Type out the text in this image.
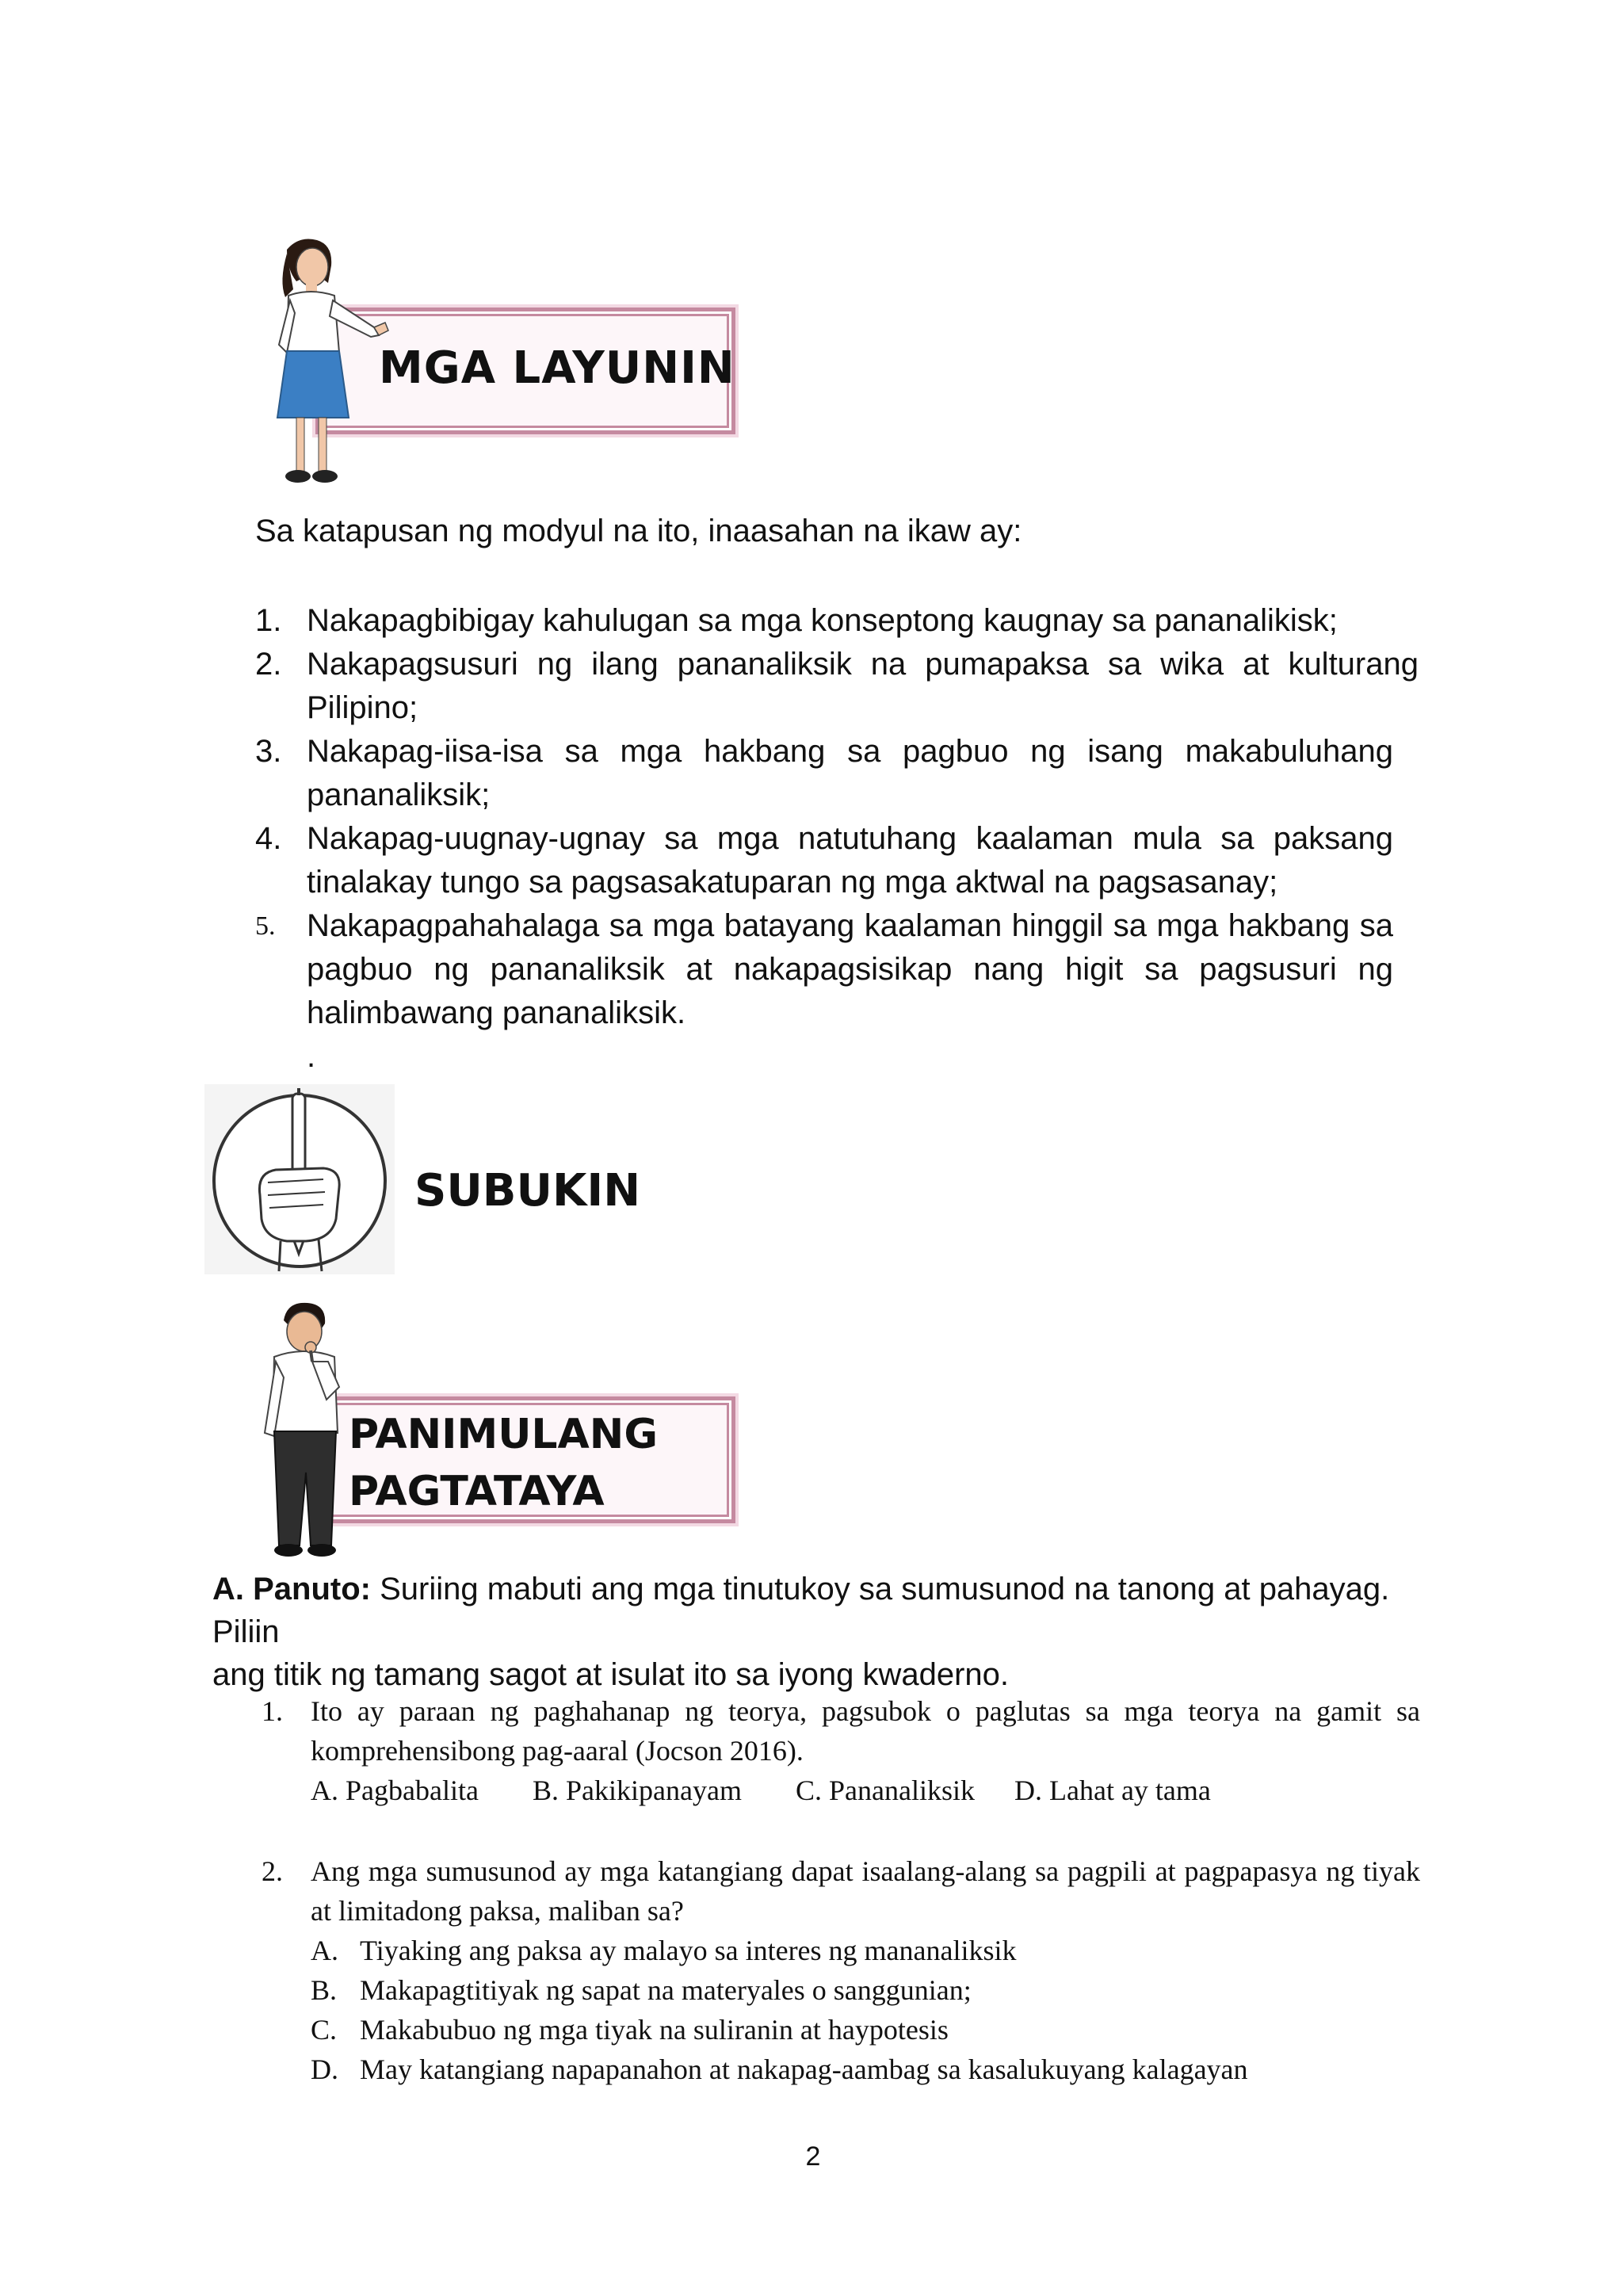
MGA LAYUNIN
Sa katapusan ng modyul na ito, inaasahan na ikaw ay:
1. Nakapagbibigay kahulugan sa mga konseptong kaugnay sa pananalikisk;
2. Nakapagsusuri ng ilang pananaliksik na pumapaksa sa wika at kulturang Pilipino;
3. Nakapag-iisa-isa sa mga hakbang sa pagbuo ng isang makabuluhang pananaliksik;
4. Nakapag-uugnay-ugnay sa mga natutuhang kaalaman mula sa paksang tinalakay tungo sa pagsasakatuparan ng mga aktwal na pagsasanay;
5. Nakapagpahahalaga sa mga batayang kaalaman hinggil sa mga hakbang sa pagbuo ng pananaliksik at nakapagsisikap nang higit sa pagsusuri ng halimbawang pananaliksik.
.
SUBUKIN
PANIMULANG
PAGTATAYA
A. Panuto: Suriing mabuti ang mga tinutukoy sa sumusunod na tanong at pahayag. Piliin
ang titik ng tamang sagot at isulat ito sa iyong kwaderno.
1. Ito ay paraan ng paghahanap ng teorya, pagsubok o paglutas sa mga teorya na gamit sa komprehensibong pag-aaral (Jocson 2016).
A. Pagbabalita	B. Pakikipanayam	C. Pananaliksik	D. Lahat ay tama
2. Ang mga sumusunod ay mga katangiang dapat isaalang-alang sa pagpili at pagpapasya ng tiyak at limitadong paksa, maliban sa?
A. Tiyaking ang paksa ay malayo sa interes ng mananaliksik
B. Makapagtitiyak ng sapat na materyales o sanggunian;
C. Makabubuo ng mga tiyak na suliranin at haypotesis
D. May katangiang napapanahon at nakapag-aambag sa kasalukuyang kalagayan
2
